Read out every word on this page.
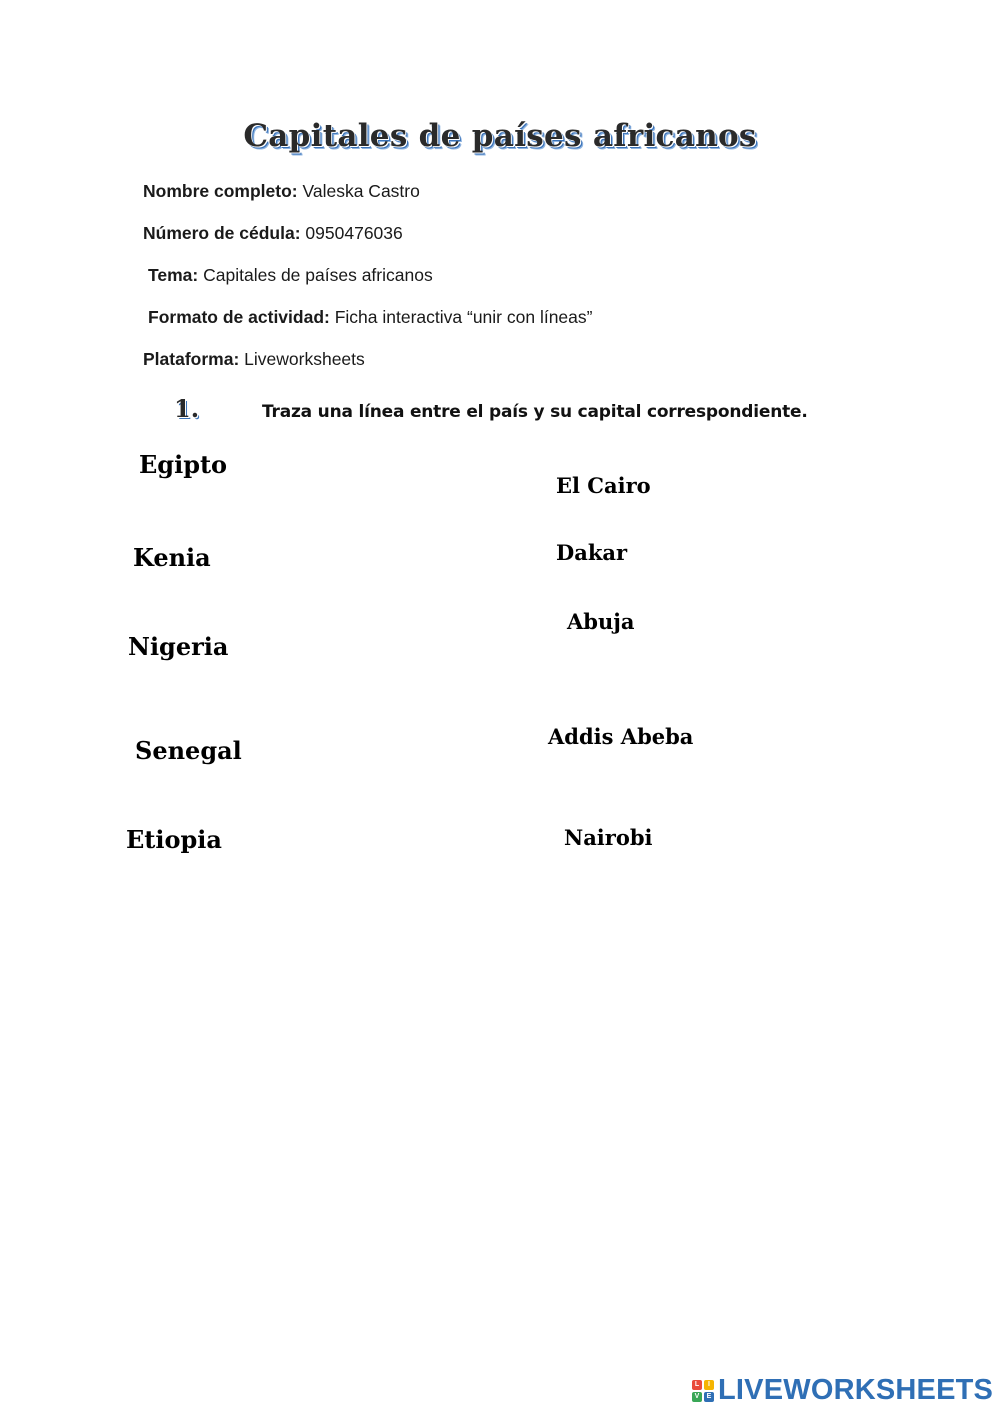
Capitales de países africanos
Nombre completo: Valeska Castro
Número de cédula: 0950476036
Tema: Capitales de países africanos
Formato de actividad: Ficha interactiva “unir con líneas”
Plataforma: Liveworksheets
1.	Traza una línea entre el país y su capital correspondiente.
Egipto
Kenia
Nigeria
Senegal
Etiopia
El Cairo
Dakar
Abuja
Addis Abeba
Nairobi
L	I
V	E LIVEWORKSHEETS
